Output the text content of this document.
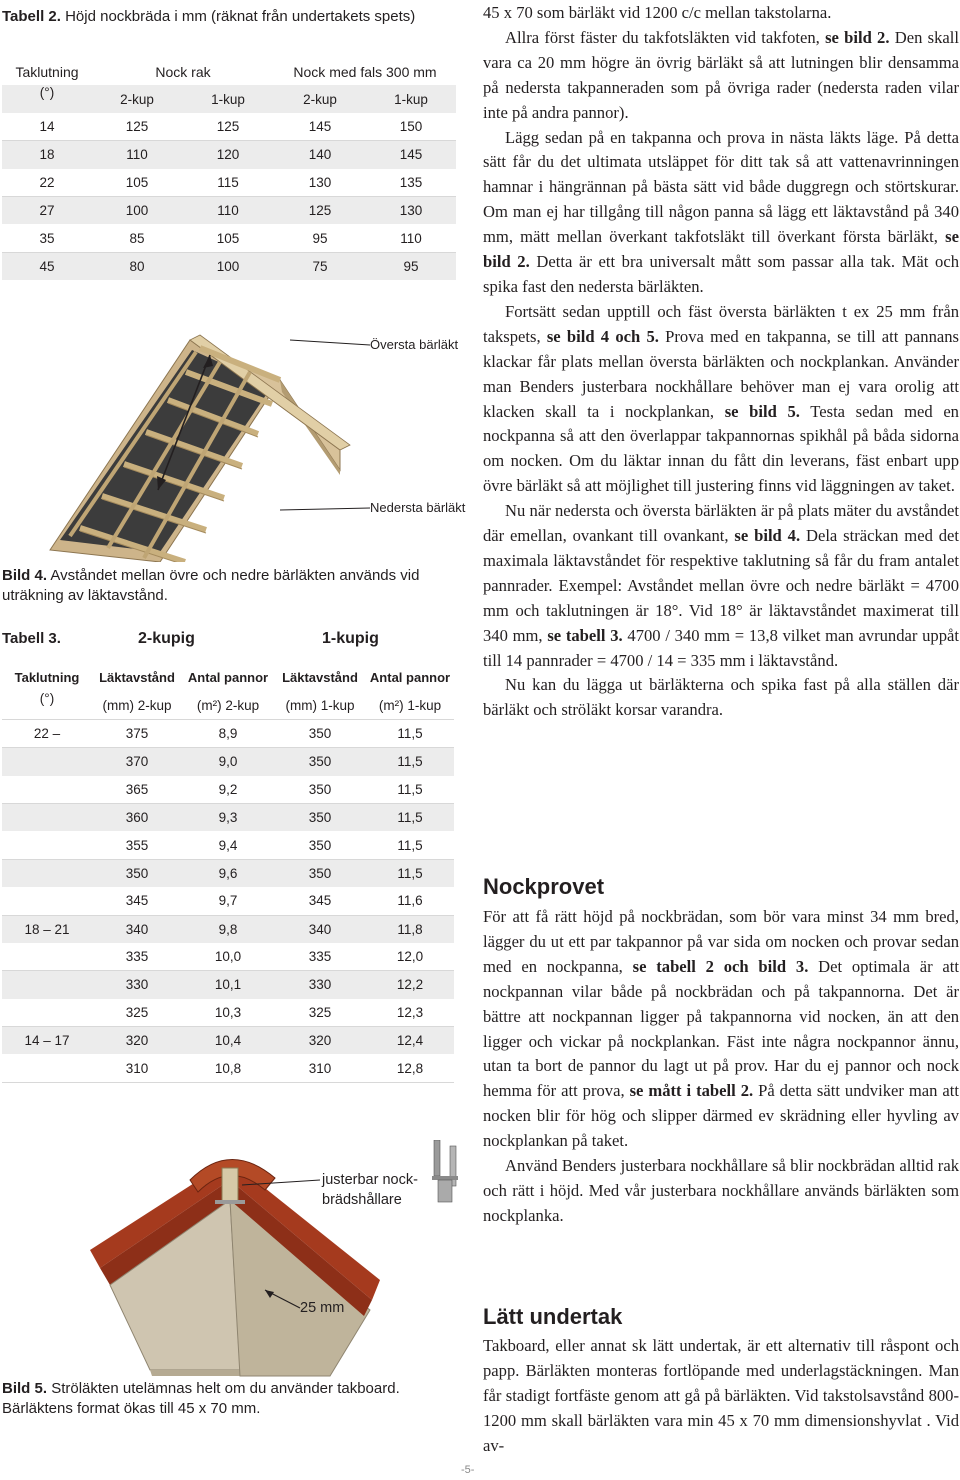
Tabell 2. Höjd nockbräda i mm (räknat från undertakets spets)
Taklutning	Nock rak		Nock med fals 300 mm	
(°)	2-kup	1-kup	2-kup	1-kup
14	125	125	145	150
18	110	120	140	145
22	105	115	130	135
27	100	110	125	130
35	85	105	95	110
45	80	100	75	95
Översta bärläkt
Nedersta bärläkt
Bild 4. Avståndet mellan övre och nedre bärläkten används vid uträkning av läktavstånd.
Tabell 3.	2-kupig	1-kupig
Taklutning	Läktavstånd	Antal pannor	Läktavstånd	Antal pannor
(°)	(mm) 2-kup	(m²) 2-kup	(mm) 1-kup	(m²) 1-kup
22 –	375	8,9	350	11,5
	370	9,0	350	11,5
	365	9,2	350	11,5
	360	9,3	350	11,5
	355	9,4	350	11,5
	350	9,6	350	11,5
	345	9,7	345	11,6
18 – 21	340	9,8	340	11,8
	335	10,0	335	12,0
	330	10,1	330	12,2
	325	10,3	325	12,3
14 – 17	320	10,4	320	12,4
	310	10,8	310	12,8
justerbar nock-
brädshållare
25 mm
Bild 5. Ströläkten utelämnas helt om du använder takboard. Bärläktens format ökas till 45 x 70 mm.

45 x 70 som bärläkt vid 1200 c/c mellan takstolarna.

Allra först fäster du takfotsläkten vid takfoten, se bild 2. Den skall vara ca 20 mm högre än övrig bärläkt så att lutningen blir densamma på nedersta takpanneraden som på övriga rader (nedersta raden vilar inte på andra pannor).

Lägg sedan på en takpanna och prova in nästa läkts läge. På detta sätt får du det ultimata utsläppet för ditt tak så att vattenavrinningen hamnar i hängrännan på bästa sätt vid både duggregn och störtskurar. Om man ej har tillgång till någon panna så lägg ett läktavstånd på 340 mm, mätt mellan överkant takfotsläkt till överkant första bärläkt, se bild 2. Detta är ett bra universalt mått som passar alla tak. Mät och spika fast den nedersta bärläkten.

Fortsätt sedan upptill och fäst översta bärläkten t ex 25 mm från takspets, se bild 4 och 5. Prova med en takpanna, se till att pannans klackar får plats mellan översta bärläkten och nockplankan. Använder man Benders justerbara nockhållare behöver man ej vara orolig att klacken skall ta i nockplankan, se bild 5. Testa sedan med en nockpanna så att den överlappar takpannornas spikhål på båda sidorna om nocken. Om du läktar innan du fått din leverans, fäst enbart upp övre bärläkt så att möjlighet till justering finns vid läggningen av taket.

Nu när nedersta och översta bärläkten är på plats mäter du avståndet där emellan, ovankant till ovankant, se bild 4. Dela sträckan med det maximala läktavståndet för respektive taklutning så får du fram antalet pannrader. Exempel: Avståndet mellan övre och nedre bärläkt = 4700 mm och taklutningen är 18°. Vid 18° är läktavståndet maximerat till 340 mm, se tabell 3. 4700 / 340 mm = 13,8 vilket man avrundar uppåt till 14 pannrader = 4700 / 14 = 335 mm i läktavstånd.

Nu kan du lägga ut bärläkterna och spika fast på alla ställen där bärläkt och ströläkt korsar varandra.

Nockprovet

För att få rätt höjd på nockbrädan, som bör vara minst 34 mm bred, lägger du ut ett par takpannor på var sida om nocken och provar sedan med en nockpanna, se tabell 2 och bild 3. Det optimala är att nockpannan vilar både på nockbrädan och på takpannorna. Det är bättre att nockpannan ligger på takpannorna vid nocken, än att den ligger och vickar på nockplankan. Fäst inte några nockpannor ännu, utan ta bort de pannor du lagt ut på prov. Har du ej pannor och nock hemma för att prova, se mått i tabell 2. På detta sätt undviker man att nocken blir för hög och slipper därmed ev skrädning eller hyvling av nockplankan på taket.

Använd Benders justerbara nockhållare så blir nockbrädan alltid rak och rätt i höjd. Med vår justerbara nockhållare används bärläkten som nockplanka.

Lätt undertak

Takboard, eller annat sk lätt undertak, är ett alternativ till råspont och papp. Bärläkten monteras fortlöpande med underlagstäckningen. Man får stadigt fortfäste genom att gå på bärläkten. Vid takstolsavstånd 800-1200 mm skall bärläkten vara min 45 x 70 mm dimensionshyvlat . Vid av-

-5-
